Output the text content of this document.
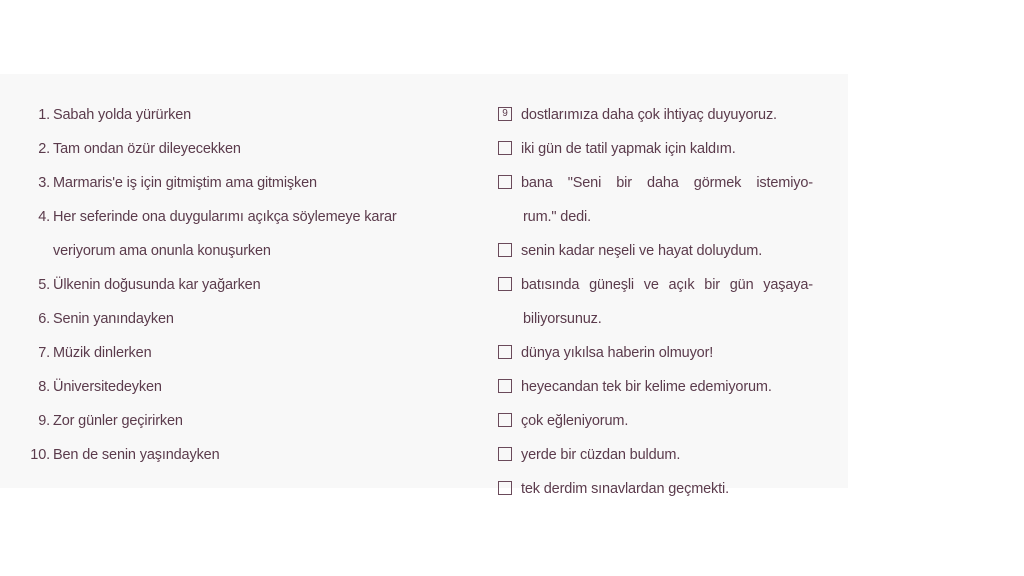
1. Sabah yolda yürürken
2. Tam ondan özür dileyecekken
3. Marmaris'e iş için gitmiştim ama gitmişken
4. Her seferinde ona duygularımı açıkça söylemeye karar
veriyorum ama onunla konuşurken
5. Ülkenin doğusunda kar yağarken
6. Senin yanındayken
7. Müzik dinlerken
8. Üniversitedeyken
9. Zor günler geçirirken
10. Ben de senin yaşındayken
9 dostlarımıza daha çok ihtiyaç duyuyoruz.
iki gün de tatil yapmak için kaldım.
bana "Seni bir daha görmek istemiyo-
rum." dedi.
senin kadar neşeli ve hayat doluydum.
batısında güneşli ve açık bir gün yaşaya-
biliyorsunuz.
dünya yıkılsa haberin olmuyor!
heyecandan tek bir kelime edemiyorum.
çok eğleniyorum.
yerde bir cüzdan buldum.
tek derdim sınavlardan geçmekti.
